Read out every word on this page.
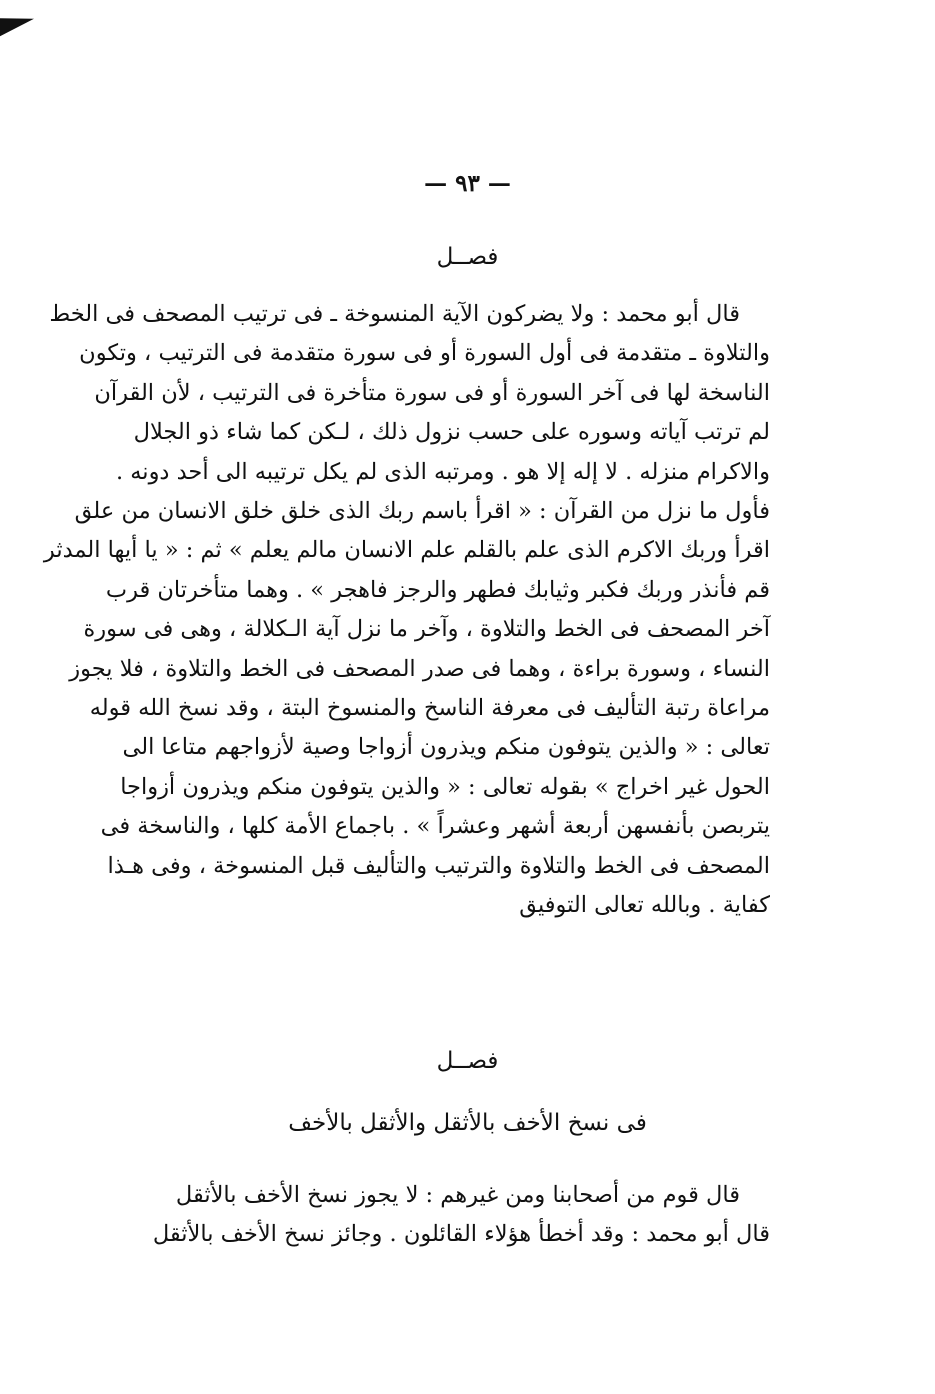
— ٩٣ —
فصــل

قال أبو محمد : ولا يضركون الآية المنسوخة ـ فى ترتيب المصحف فى الخط
والتلاوة ـ متقدمة فى أول السورة أو فى سورة متقدمة فى الترتيب ، وتكون
الناسخة لها فى آخر السورة أو فى سورة متأخرة فى الترتيب ، لأن القرآن
لم ترتب آياته وسوره على حسب نزول ذلك ، لـكن كما شاء ذو الجلال
والاكرام منزله . لا إله إلا هو . ومرتبه الذى لم يكل ترتيبه الى أحد دونه .
فأول ما نزل من القرآن : « اقرأ باسم ربك الذى خلق خلق الانسان من علق
اقرأ وربك الاكرم الذى علم بالقلم علم الانسان مالم يعلم » ثم : « يا أيها المدثر
قم فأنذر وربك فكبر وثيابك فطهر والرجز فاهجر » . وهما متأخرتان قرب
آخر المصحف فى الخط والتلاوة ، وآخر ما نزل آية الـكلالة ، وهى فى سورة
النساء ، وسورة براءة ، وهما فى صدر المصحف فى الخط والتلاوة ، فلا يجوز
مراعاة رتبة التأليف فى معرفة الناسخ والمنسوخ البتة ، وقد نسخ الله قوله
تعالى : « والذين يتوفون منكم ويذرون أزواجا وصية لأزواجهم متاعا الى
الحول غير اخراج » بقوله تعالى : « والذين يتوفون منكم ويذرون أزواجا
يتربصن بأنفسهن أربعة أشهر وعشراً » . باجماع الأمة كلها ، والناسخة فى
المصحف فى الخط والتلاوة والترتيب والتأليف قبل المنسوخة ، وفى هـذا
كفاية . وبالله تعالى التوفيق

فصــل
فى نسخ الأخف بالأثقل والأثقل بالأخف

قال قوم من أصحابنا ومن غيرهم : لا يجوز نسخ الأخف بالأثقل
قال أبو محمد : وقد أخطأ هؤلاء القائلون . وجائز نسخ الأخف بالأثقل
